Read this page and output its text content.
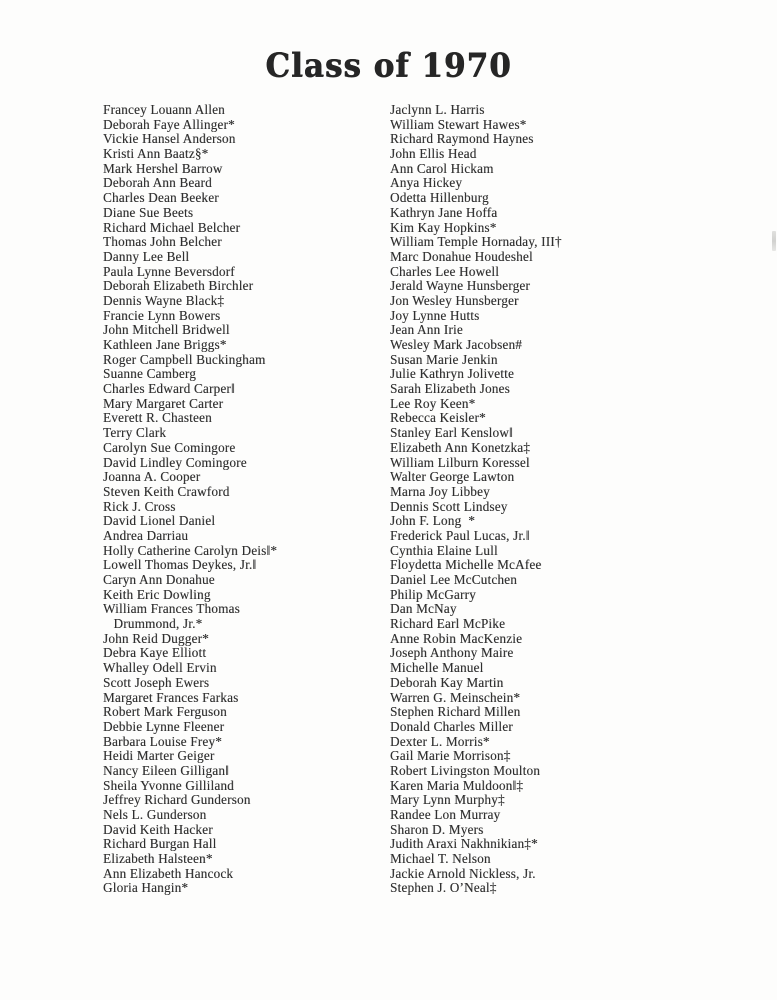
Class of 1970
Francey Louann Allen
Deborah Faye Allinger*
Vickie Hansel Anderson
Kristi Ann Baatz§*
Mark Hershel Barrow
Deborah Ann Beard
Charles Dean Beeker
Diane Sue Beets
Richard Michael Belcher
Thomas John Belcher
Danny Lee Bell
Paula Lynne Beversdorf
Deborah Elizabeth Birchler
Dennis Wayne Black‡
Francie Lynn Bowers
John Mitchell Bridwell
Kathleen Jane Briggs*
Roger Campbell Buckingham
Suanne Camberg
Charles Edward Carper‖
Mary Margaret Carter
Everett R. Chasteen
Terry Clark
Carolyn Sue Comingore
David Lindley Comingore
Joanna A. Cooper
Steven Keith Crawford
Rick J. Cross
David Lionel Daniel
Andrea Darriau
Holly Catherine Carolyn Deis‖*
Lowell Thomas Deykes, Jr.‖
Caryn Ann Donahue
Keith Eric Dowling
William Frances Thomas
Drummond, Jr.*
John Reid Dugger*
Debra Kaye Elliott
Whalley Odell Ervin
Scott Joseph Ewers
Margaret Frances Farkas
Robert Mark Ferguson
Debbie Lynne Fleener
Barbara Louise Frey*
Heidi Marter Geiger
Nancy Eileen Gilligan‖
Sheila Yvonne Gilliland
Jeffrey Richard Gunderson
Nels L. Gunderson
David Keith Hacker
Richard Burgan Hall
Elizabeth Halsteen*
Ann Elizabeth Hancock
Gloria Hangin*
Jaclynn L. Harris
William Stewart Hawes*
Richard Raymond Haynes
John Ellis Head
Ann Carol Hickam
Anya Hickey
Odetta Hillenburg
Kathryn Jane Hoffa
Kim Kay Hopkins*
William Temple Hornaday, III†
Marc Donahue Houdeshel
Charles Lee Howell
Jerald Wayne Hunsberger
Jon Wesley Hunsberger
Joy Lynne Hutts
Jean Ann Irie
Wesley Mark Jacobsen#
Susan Marie Jenkin
Julie Kathryn Jolivette
Sarah Elizabeth Jones
Lee Roy Keen*
Rebecca Keisler*
Stanley Earl Kenslow‖
Elizabeth Ann Konetzka‡
William Lilburn Koressel
Walter George Lawton
Marna Joy Libbey
Dennis Scott Lindsey
John F. Long  *
Frederick Paul Lucas, Jr.‖
Cynthia Elaine Lull
Floydetta Michelle McAfee
Daniel Lee McCutchen
Philip McGarry
Dan McNay
Richard Earl McPike
Anne Robin MacKenzie
Joseph Anthony Maire
Michelle Manuel
Deborah Kay Martin
Warren G. Meinschein*
Stephen Richard Millen
Donald Charles Miller
Dexter L. Morris*
Gail Marie Morrison‡
Robert Livingston Moulton
Karen Maria Muldoon‖‡
Mary Lynn Murphy‡
Randee Lon Murray
Sharon D. Myers
Judith Araxi Nakhnikian‡*
Michael T. Nelson
Jackie Arnold Nickless, Jr.
Stephen J. O’Neal‡
